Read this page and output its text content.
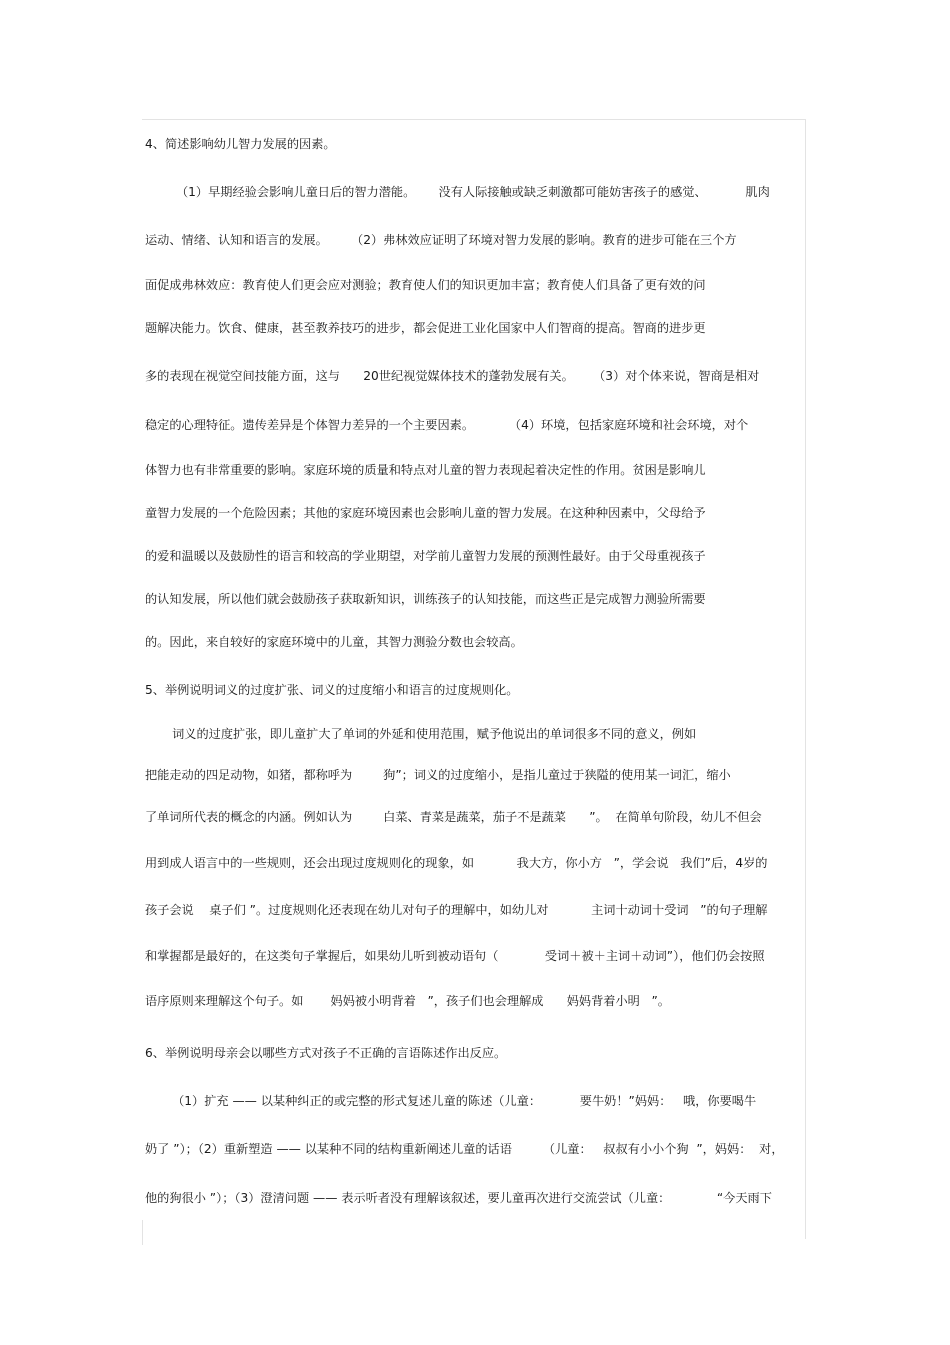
4、简述影响幼儿智力发展的因素。
（1）早期经验会影响儿童日后的智力潜能。      没有人际接触或缺乏刺激都可能妨害孩子的感觉、          肌肉
运动、情绪、认知和语言的发展。      （2）弗林效应证明了环境对智力发展的影响。教育的进步可能在三个方
面促成弗林效应：教育使人们更会应对测验；教育使人们的知识更加丰富；教育使人们具备了更有效的问
题解决能力。饮食、健康，甚至教养技巧的进步，都会促进工业化国家中人们智商的提高。智商的进步更
多的表现在视觉空间技能方面，这与      20世纪视觉媒体技术的蓬勃发展有关。     （3）对个体来说，智商是相对
稳定的心理特征。遗传差异是个体智力差异的一个主要因素。         （4）环境，包括家庭环境和社会环境，对个
体智力也有非常重要的影响。家庭环境的质量和特点对儿童的智力表现起着决定性的作用。贫困是影响儿
童智力发展的一个危险因素；其他的家庭环境因素也会影响儿童的智力发展。在这种种因素中，父母给予
的爱和温暖以及鼓励性的语言和较高的学业期望，对学前儿童智力发展的预测性最好。由于父母重视孩子
的认知发展，所以他们就会鼓励孩子获取新知识，训练孩子的认知技能，而这些正是完成智力测验所需要
的。因此，来自较好的家庭环境中的儿童，其智力测验分数也会较高。
5、举例说明词义的过度扩张、词义的过度缩小和语言的过度规则化。
词义的过度扩张，即儿童扩大了单词的外延和使用范围，赋予他说出的单词很多不同的意义，例如
把能走动的四足动物，如猪，都称呼为        狗”；词义的过度缩小，是指儿童过于狭隘的使用某一词汇，缩小
了单词所代表的概念的内涵。例如认为        白菜、青菜是蔬菜，茄子不是蔬菜      ”。  在简单句阶段，幼儿不但会
用到成人语言中的一些规则，还会出现过度规则化的现象，如           我大方，你小方   ”，学会说   我们”后，4岁的
孩子会说    桌子们 ”。过度规则化还表现在幼儿对句子的理解中，如幼儿对           主词十动词十受词   ”的句子理解
和掌握都是最好的，在这类句子掌握后，如果幼儿听到被动语句（            受词＋被＋主词＋动词”），他们仍会按照
语序原则来理解这个句子。如       妈妈被小明背着   ”，孩子们也会理解成      妈妈背着小明   ”。
6、举例说明母亲会以哪些方式对孩子不正确的言语陈述作出反应。
（1）扩充 —— 以某种纠正的或完整的形式复述儿童的陈述（儿童：          要牛奶！”妈妈：   哦，你要喝牛
奶了 ”）；（2）重新塑造 —— 以某种不同的结构重新阐述儿童的话语        （儿童：   叔叔有小小个狗  ”，妈妈：  对，
他的狗很小 ”）；（3）澄清问题 —— 表示听者没有理解该叙述，要儿童再次进行交流尝试（儿童：            “今天雨下
